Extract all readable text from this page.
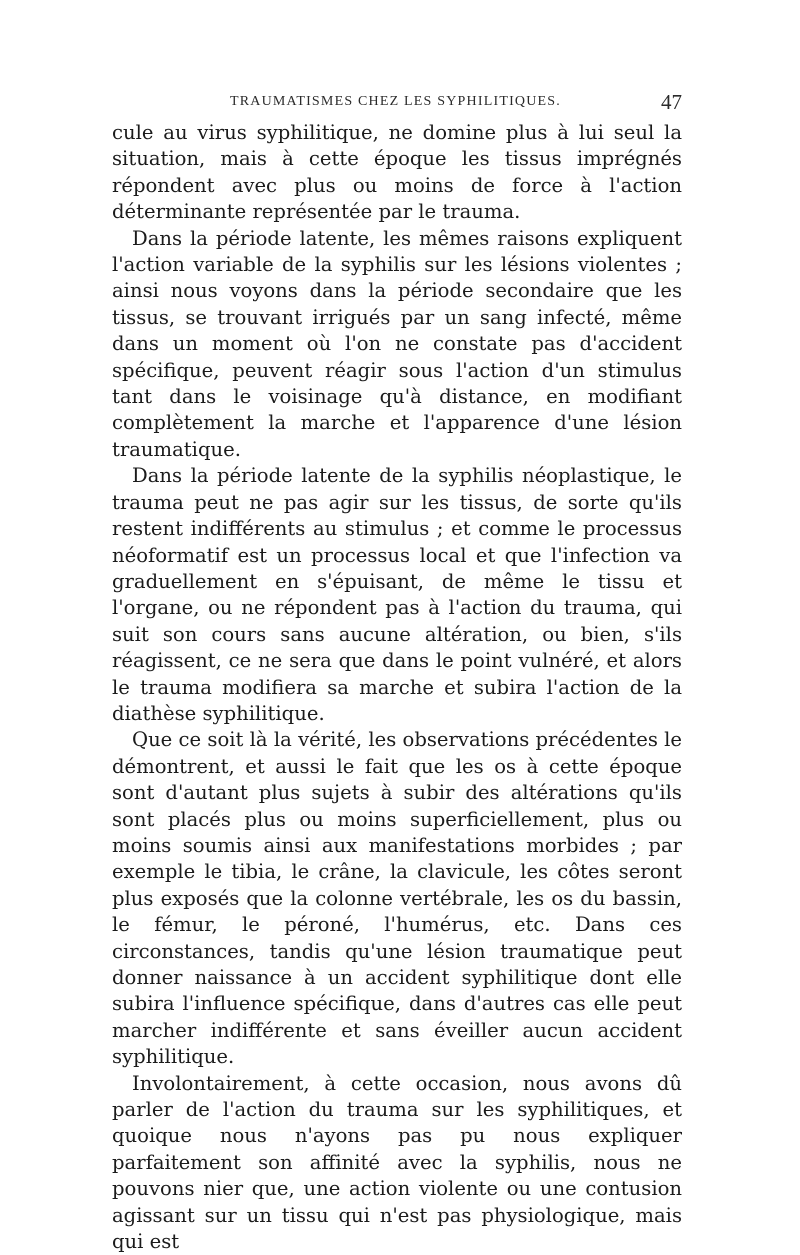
TRAUMATISMES CHEZ LES SYPHILITIQUES.	47

cule au virus syphilitique, ne domine plus à lui seul la situation, mais à cette époque les tissus imprégnés répondent avec plus ou moins de force à l'action déterminante représentée par le trauma.

Dans la période latente, les mêmes raisons expliquent l'action variable de la syphilis sur les lésions violentes ; ainsi nous voyons dans la période secondaire que les tissus, se trouvant irrigués par un sang infecté, même dans un moment où l'on ne constate pas d'accident spécifique, peuvent réagir sous l'action d'un stimulus tant dans le voisinage qu'à distance, en modifiant complètement la marche et l'apparence d'une lésion traumatique.

Dans la période latente de la syphilis néoplastique, le trauma peut ne pas agir sur les tissus, de sorte qu'ils restent indifférents au stimulus ; et comme le processus néoformatif est un processus local et que l'infection va graduellement en s'épuisant, de même le tissu et l'organe, ou ne répondent pas à l'action du trauma, qui suit son cours sans aucune altération, ou bien, s'ils réagissent, ce ne sera que dans le point vulnéré, et alors le trauma modifiera sa marche et subira l'action de la diathèse syphilitique.

Que ce soit là la vérité, les observations précédentes le démontrent, et aussi le fait que les os à cette époque sont d'autant plus sujets à subir des altérations qu'ils sont placés plus ou moins superficiellement, plus ou moins soumis ainsi aux manifestations morbides ; par exemple le tibia, le crâne, la clavicule, les côtes seront plus exposés que la colonne vertébrale, les os du bassin, le fémur, le péroné, l'humérus, etc. Dans ces circonstances, tandis qu'une lésion traumatique peut donner naissance à un accident syphilitique dont elle subira l'influence spécifique, dans d'autres cas elle peut marcher indifférente et sans éveiller aucun accident syphilitique.

Involontairement, à cette occasion, nous avons dû parler de l'action du trauma sur les syphilitiques, et quoique nous n'ayons pas pu nous expliquer parfaitement son affinité avec la syphilis, nous ne pouvons nier que, une action violente ou une contusion agissant sur un tissu qui n'est pas physiologique, mais qui est
